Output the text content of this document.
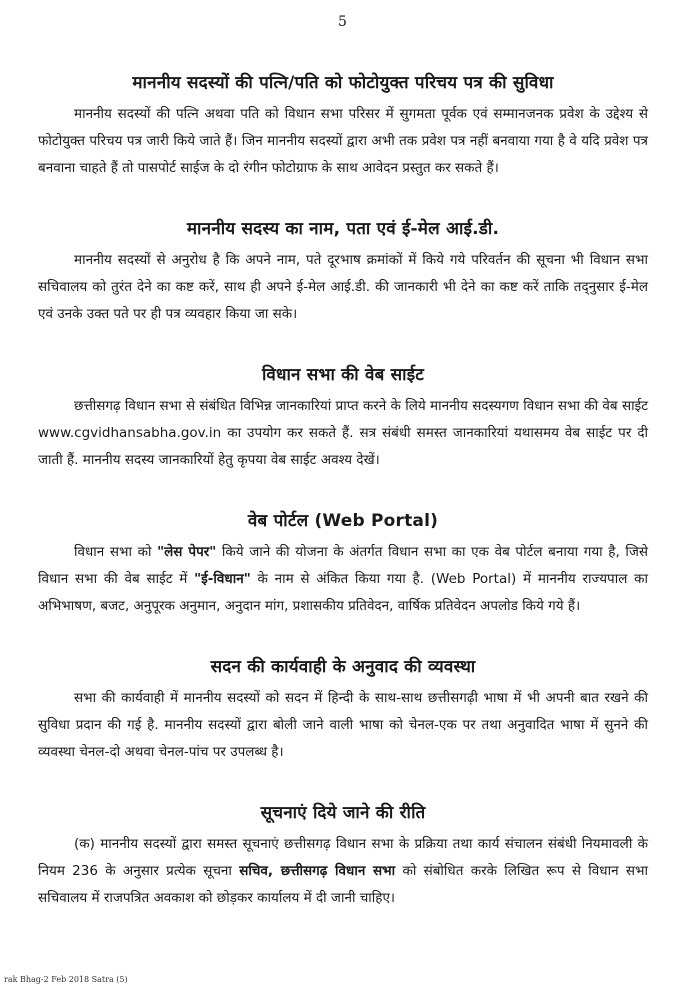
5
माननीय सदस्यों की पत्नि/पति को फोटोयुक्त परिचय पत्र की सुविधा

माननीय सदस्यों की पत्नि अथवा पति को विधान सभा परिसर में सुगमता पूर्वक एवं सम्मानजनक प्रवेश के उद्देश्य से फोटोयुक्त परिचय पत्र जारी किये जाते हैं। जिन माननीय सदस्यों द्वारा अभी तक प्रवेश पत्र नहीं बनवाया गया है वे यदि प्रवेश पत्र बनवाना चाहते हैं तो पासपोर्ट साईज के दो रंगीन फोटोग्राफ के साथ आवेदन प्रस्तुत कर सकते हैं।

माननीय सदस्य का नाम, पता एवं ई-मेल आई.डी.

माननीय सदस्यों से अनुरोध है कि अपने नाम, पते दूरभाष क्रमांकों में किये गये परिवर्तन की सूचना भी विधान सभा सचिवालय को तुरंत देने का कष्ट करें, साथ ही अपने ई-मेल आई.डी. की जानकारी भी देने का कष्ट करें ताकि तद्नुसार ई-मेल एवं उनके उक्त पते पर ही पत्र व्यवहार किया जा सके।

विधान सभा की वेब साईट

छत्तीसगढ़ विधान सभा से संबंधित विभिन्न जानकारियां प्राप्त करने के लिये माननीय सदस्यगण विधान सभा की वेब साईट www.cgvidhansabha.gov.in का उपयोग कर सकते हैं. सत्र संबंधी समस्त जानकारियां यथासमय वेब साईट पर दी जाती हैं. माननीय सदस्य जानकारियों हेतु कृपया वेब साईट अवश्य देखें।

वेब पोर्टल (Web Portal)

विधान सभा को "लेस पेपर" किये जाने की योजना के अंतर्गत विधान सभा का एक वेब पोर्टल बनाया गया है, जिसे विधान सभा की वेब साईट में "ई-विधान" के नाम से अंकित किया गया है. (Web Portal) में माननीय राज्यपाल का अभिभाषण, बजट, अनुपूरक अनुमान, अनुदान मांग, प्रशासकीय प्रतिवेदन, वार्षिक प्रतिवेदन अपलोड किये गये हैं।

सदन की कार्यवाही के अनुवाद की व्यवस्था

सभा की कार्यवाही में माननीय सदस्यों को सदन में हिन्दी के साथ-साथ छत्तीसगढ़ी भाषा में भी अपनी बात रखने की सुविधा प्रदान की गई है. माननीय सदस्यों द्वारा बोली जाने वाली भाषा को चेनल-एक पर तथा अनुवादित भाषा में सुनने की व्यवस्था चेनल-दो अथवा चेनल-पांच पर उपलब्ध है।

सूचनाएं दिये जाने की रीति

(क) माननीय सदस्यों द्वारा समस्त सूचनाएं छत्तीसगढ़ विधान सभा के प्रक्रिया तथा कार्य संचालन संबंधी नियमावली के नियम 236 के अनुसार प्रत्येक सूचना सचिव, छत्तीसगढ़ विधान सभा को संबोधित करके लिखित रूप से विधान सभा सचिवालय में राजपत्रित अवकाश को छोड़कर कार्यालय में दी जानी चाहिए।

rak Bhag-2 Feb 2018 Satra (5)
